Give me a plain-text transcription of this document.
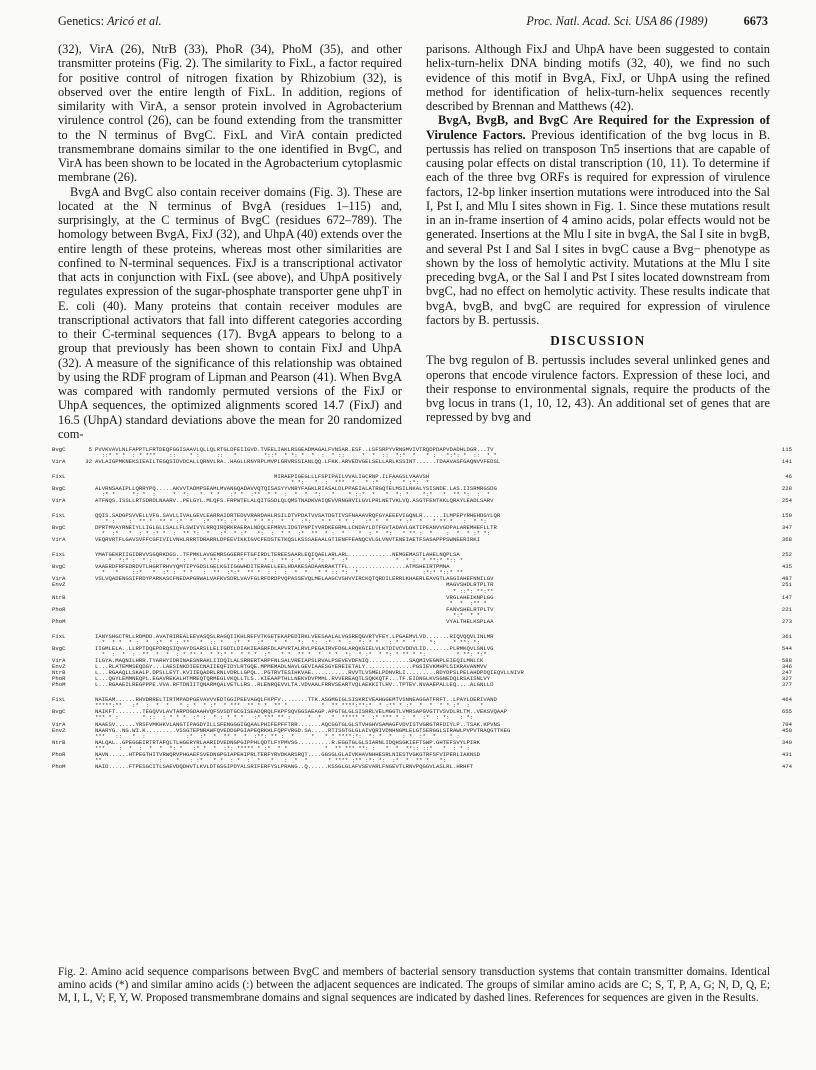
Genetics: Aricó et al.	Proc. Natl. Acad. Sci. USA 86 (1989)	6673

(32), VirA (26), NtrB (33), PhoR (34), PhoM (35), and other transmitter proteins (Fig. 2). The similarity to FixL, a factor required for positive control of nitrogen fixation by Rhizobium (32), is observed over the entire length of FixL. In addition, regions of similarity with VirA, a sensor protein involved in Agrobacterium virulence control (26), can be found extending from the transmitter to the N terminus of BvgC. FixL and VirA contain predicted transmembrane domains similar to the one identified in BvgC, and VirA has been shown to be located in the Agrobacterium cytoplasmic membrane (26).

BvgA and BvgC also contain receiver domains (Fig. 3). These are located at the N terminus of BvgA (residues 1–115) and, surprisingly, at the C terminus of BvgC (residues 672–789). The homology between BvgA, FixJ (32), and UhpA (40) extends over the entire length of these proteins, whereas most other similarities are confined to N-terminal sequences. FixJ is a transcriptional activator that acts in conjunction with FixL (see above), and UhpA positively regulates expression of the sugar-phosphate transporter gene uhpT in E. coli (40). Many proteins that contain receiver modules are transcriptional activators that fall into different categories according to their C-terminal sequences (17). BvgA appears to belong to a group that previously has been shown to contain FixJ and UhpA (32). A measure of the significance of this relationship was obtained by using the RDF program of Lipman and Pearson (41). When BvgA was compared with randomly permuted versions of the FixJ or UhpA sequences, the optimized alignments scored 14.7 (FixJ) and 16.5 (UhpA) standard deviations above the mean for 20 randomized com-

parisons. Although FixJ and UhpA have been suggested to contain helix-turn-helix DNA binding motifs (32, 40), we find no such evidence of this motif in BvgA, FixJ, or UhpA using the refined method for identification of helix-turn-helix sequences recently described by Brennan and Matthews (42).

BvgA, BvgB, and BvgC Are Required for the Expression of Virulence Factors. Previous identification of the bvg locus in B. pertussis has relied on transposon Tn5 insertions that are capable of causing polar effects on distal transcription (10, 11). To determine if each of the three bvg ORFs is required for expression of virulence factors, 12-bp linker insertion mutations were introduced into the Sal I, Pst I, and Mlu I sites shown in Fig. 1. Since these mutations result in an in-frame insertion of 4 amino acids, polar effects would not be generated. Insertions at the Mlu I site in bvgA, the Sal I site in bvgB, and several Pst I and Sal I sites in bvgC cause a Bvg− phenotype as shown by the loss of hemolytic activity. Mutations at the Mlu I site preceding bvgA, or the Sal I and Pst I sites located downstream from bvgC, had no effect on hemolytic activity. These results indicate that bvgA, bvgB, and bvgC are required for expression of virulence factors by B. pertussis.

DISCUSSION

The bvg regulon of B. pertussis includes several unlinked genes and operons that encode virulence factors. Expression of these loci, and their response to environmental signals, require the products of the bvg locus in trans (1, 10, 12, 43). An additional set of genes that are repressed by bvg and

BvgC	5 PVVKVAVLNLFAPPTLFRTDEQFGGISAAVLQLLQLRTGLDFEIIGVD.TVEELIAKLRSGEADMAGALFVNSAR.ESF..LSFSRPYVRNGMVIVTRQDPDAPVDADHLDGR...TV	115
::* * *  : * ***    ::    * :     ::   *        *::*  * *: *  *  :  * ::     *  *  ::  *:*  *   * :   *:*: *  ::  * *
VirA	32 AVLAIGPMKNEKSIEAILTEGQSIDVDCALLQRNVLRA..HAGLLRNYRPLMVPLGRVRSSIANLQQ.LFKK.ARVEDVGELSELLARLKSSINT......TDAAVASFGAQNVVFEDSL	141
FixL	MIRAEPIGEGLLLFSPIPAILVVALIGCRNP.ILFAAGSLVAAVSH	46
* *:   *  :  ***  *   * :*   :   * :*:  *
BvgC	ALVRNSAAIPLLQRRYPQ.....AKVVTADMPSEAMLMVANGQADAVVQTQISASYYVNRYFAGKLRIASALDLPPAEIALATRGQTELMSILNKALYSISNDE.LAS.IISRMRGSDG	228
:* *     *: *  :     *  *:   *  * *   :* *  :**  * *  :  *  *  *:   *    * ::*  *   *  *: *    *:*   *  ** *:  :  *
VirA	ATFNQS.ISSLLRTSDRDLNAARV..PELGYL.MLQFS.FRPWTELALQITGSDLQLQMSTNADKVAIQEVVRNGRVILGVLPRLNETVKLVQ.ASGTFENTKKLQRAYLEADLSARV	254
FixL	QQIS.SADGPSVVELLVFG.SAVLLIVALGEVLEARRAIDRTEDVVRARDAHLRSILDTVPDATVVSATDGTIVSFNAAAVRQFGYAEEEVIGQNLR......ILMPEPYRHEHDGYLQR	159
* :    :  ** *  ** * :*  *   :*  **: :*  *  * * *:  *  *  :*:   * *  * * :   :* *  *   * :*  *   * ** *   :  * *:
BvgC	DPRTMVAYRNEIYLLIGLGLLSALLFLSWIVYLRRQIRQRKRAERALNDQLEFMRVLIDGTPNPIYVRDKEGRMLLCNDAYLDTFGVTADAVLGKTIPEANVVGDPALAREMHEFLLTR	347
*  :*   *  : * :* *  :  ** *:  *   :*  * :*   *:  :  * *  :*  **  * :  *    *  : *  *:   * ** :  *    :  *  * :* *:
VirA	VEQRVRTFLGAVSVFFCGFIVILVNHLRRRTDRARRLDPEEVIKKIGVCFEDSTETKQSLKSSSAEAALGTIENFFEANQCVLGLVNVTENEIAETFSASAPPPSWNEERIRKI	368
FixL	YMATGEKRIIGIDRVVSGQRKDGS..TFPMKLAVGEMRSGGERFFTGFIRDLTEREESAARLEQIQAELARLARL.............NEMGEMASTLAHELNQPLSA	252
*  *:* :  * :    *  * :  *  * **:  *  :*   *  * :  ** : *  :* *:  *  :*              *  * :  * **:* *:: *
BvgC	VAAERDFRFEDRDVTLHGRTRHVYQMTIPYGDSLGELKGIIGGWHDITERAELLEELHDAKESADAANRAKTTFL.................ATMSHEIRTPMNA	435
*   *    ::*   *  :* :  * *   :  **  :*:*  ** *  : :  :  *  *   * * :: *:  *                   :*:* *::* **
VirA	VSLVQADENGSIFRDYPARKASCFNEDAPGRWALVAFKVSDRLVAVFGLRFDRDPVQPASSEVQLMELAAGCVSHVVIRCKQTQRDILERRLKHAERLEAVGTLAGGIAHEFNNILGV	487
EnvZ	MAGVSHDLRTPLTR	251
* ::*: **:**
NtrB	VRGLAHEIKNPLGG	147
*  *  :** *
PhoR	FANVSHELRTPLTV	221
*:*  * *
PhoM	VYALTHELKSPLAA	273
FixL	IANYSHGCTRLLRDMDD.AVATRIREALEEVASQSLRAGQIIKHLREFVTKGETEKAPEDIRKLVEESAALALVGSREQGVRTVFEY.LPGAEMVLVD.......RIQVQQVLINLMR	361
*  * *  * :  *  :*  * : **   *  :: *   :*  *  :*   *  *   *:  *:  :*  *  :  *: * *   : * *  *    *:     * **: *:
BvgC	IIGMLELA..LLRPTDQEPDRQSIQVAYDSARSLLELIGDILDIAKIEAGRFDLAPVRTALRVLPEGAIRVFDGLARQKGIELVLKTDIVCVDDVLID.......PLRMKQVLSNLVG	544
*  :  *  :  **  *  *  : * ** *  * *:* *  * * *  :*   * *  ** *  *  * *  *:  * :*  * *: * ** * *:         * **: *:*
VirA	ILGYA.MAQNILHRR.TYARHYIDRINAESNRAKLIIDQILALSRRERTARPFNLSALVREIAPSLRVALPSEVEVDFNIQ............SAQMIVEGNPLEIEQILMNLCK	588
EnvZ	L...RLATEMMSEQDGY...LAESINKDIEECNAIIEQFIDYLRTGQE.MPMEMADLNAVLGEVIAAESGYEREIETALY..............PGSIEVKMHPLSIKRAVANMVV	346
NtrB	L...RGAAQLLSKALP.DPSLLEYT.KVIIEQADRLRNLVDRLLGPQL..PGTRVTESIHKVAE...........RVVTLVSMELPDNVRLI.........RDYDPSLPELAHDPDQIEQVLLNIVR	247
PhoR	L...QGYLEMMNEQPL.EGAVREKALHTMREQTQRMEGLVKQLLTLS..KIEAAPTHLLNEKVDVPMML.RVVEREAQTLSQKKQTF...TF.EIDNGLKVSGNEDQLRSAISNLVY	327
PhoM	L...RGAAEILREGPPPE.VVA.RFTDNIITQNARMQALVETLLRS..RLENRQEVVLTA.VDVAALFRRVSEARTVQLAEKKITLHV..TPTEV.NVAAEPALLEQ....ALGNLLD	377
FixL	NAIEAM......RHVDRRELTIRTMPADPGEVAVVVEDTGGIPEEVAGQLFKPFV........TTK.ASGMGIGLSISKRIVEAHGGEMTVSNNEAGGATFRFT..LPAYLDERIVAND	464
*****:**   :*  :  *  *   * : *  * :*  * ***  ** * *  ** *          *  ** ****:**:*  * :** * :*  *  *  * * :*  :   *
BvgC	NAIKFT........TEGQVVLAVTARPDGDAAHVQFSVSDTGCGISEADQRQLFKPFSQVGGSAEAGP.APGTGLGLSISRRLVELMGGTLVMRSAPGVGTTVSVDLRLTM..VEKSVQAAP	655
*** * :       * ::  : * * *  :* :  * : * * *   :* *** ** :     *  *   *  ***** *  :* *** * :  *  :*  : *:   : *:
VirA	NAAESV......YRSFVMKHKVLANGTIPAGDYILLSFENGGGIGQAALPHIFEPFFTRR.......AQCGGTGLGLSTVHGHVSAMAGFVDVISTVGRGTRFDIYLP..TSAK.KPVNS	704
EnvZ	NAARYG..NG.WI.K.........VSSGTEPNRAWFQVEDDGPGIAPEQRKHLFQPFVRGD.SA.....RTISGTGLGLAIVQRIVDNHNGMLELGTSERGGLSIRAWLPVPVTRAQGTTKEG	450
***   ::   *  :            :*  :*  *  ** *  *  :**: ** :  *     *   * * ****:*:  *: *  *   : *  :*  *    * :
NtrB	NALQAL..GPEGGEIRTRTAFQLTLHGERYRLAARIDVEDNGPGIPPHLQDTLFYPMVSG..........R.EGGTGLGLSIARNLIDQHSGKIEFTSWP.GHTEFSVYLPIRK	349
***    :  *  :  *  *  *: *   :* *  *  :*: ***** * :*  * *           *  ** *** **: :   *  *  **:: ::*   *  : * :
PhoR	NAVN......HTPEGTHITVRWQRVPHGAEFSVEDNGPGIAPEHIPRLTERFYRVDKARSRQT....GGSGLGLAIVKHAVNHHESRLNIESTVGKGTRFSFVIPERLIAKNSD	431
**                 :    *   : :*   * *  : *  :  *   *   :  *  *      * **** :** :*: *:  :*  *  ** *   *:
PhoM	NAID......FTPESGCITLSAEVDQDHVTLKVLDTGSGIPDYALSRIFERFYSLPRANG..Q......KSSGLGLAFVSEVARLFNGEVTLRNVPQGGVLASLRL.HRHFT	474
Fig. 2. Amino acid sequence comparisons between BvgC and members of bacterial sensory transduction systems that contain transmitter domains. Identical amino acids (*) and similar amino acids (:) between the adjacent sequences are indicated. The groups of similar amino acids are C; S, T, P, A, G; N, D, Q, E; M, I, L, V; F, Y, W. Proposed transmembrane domains and signal sequences are indicated by dashed lines. References for sequences are given in the Results.
